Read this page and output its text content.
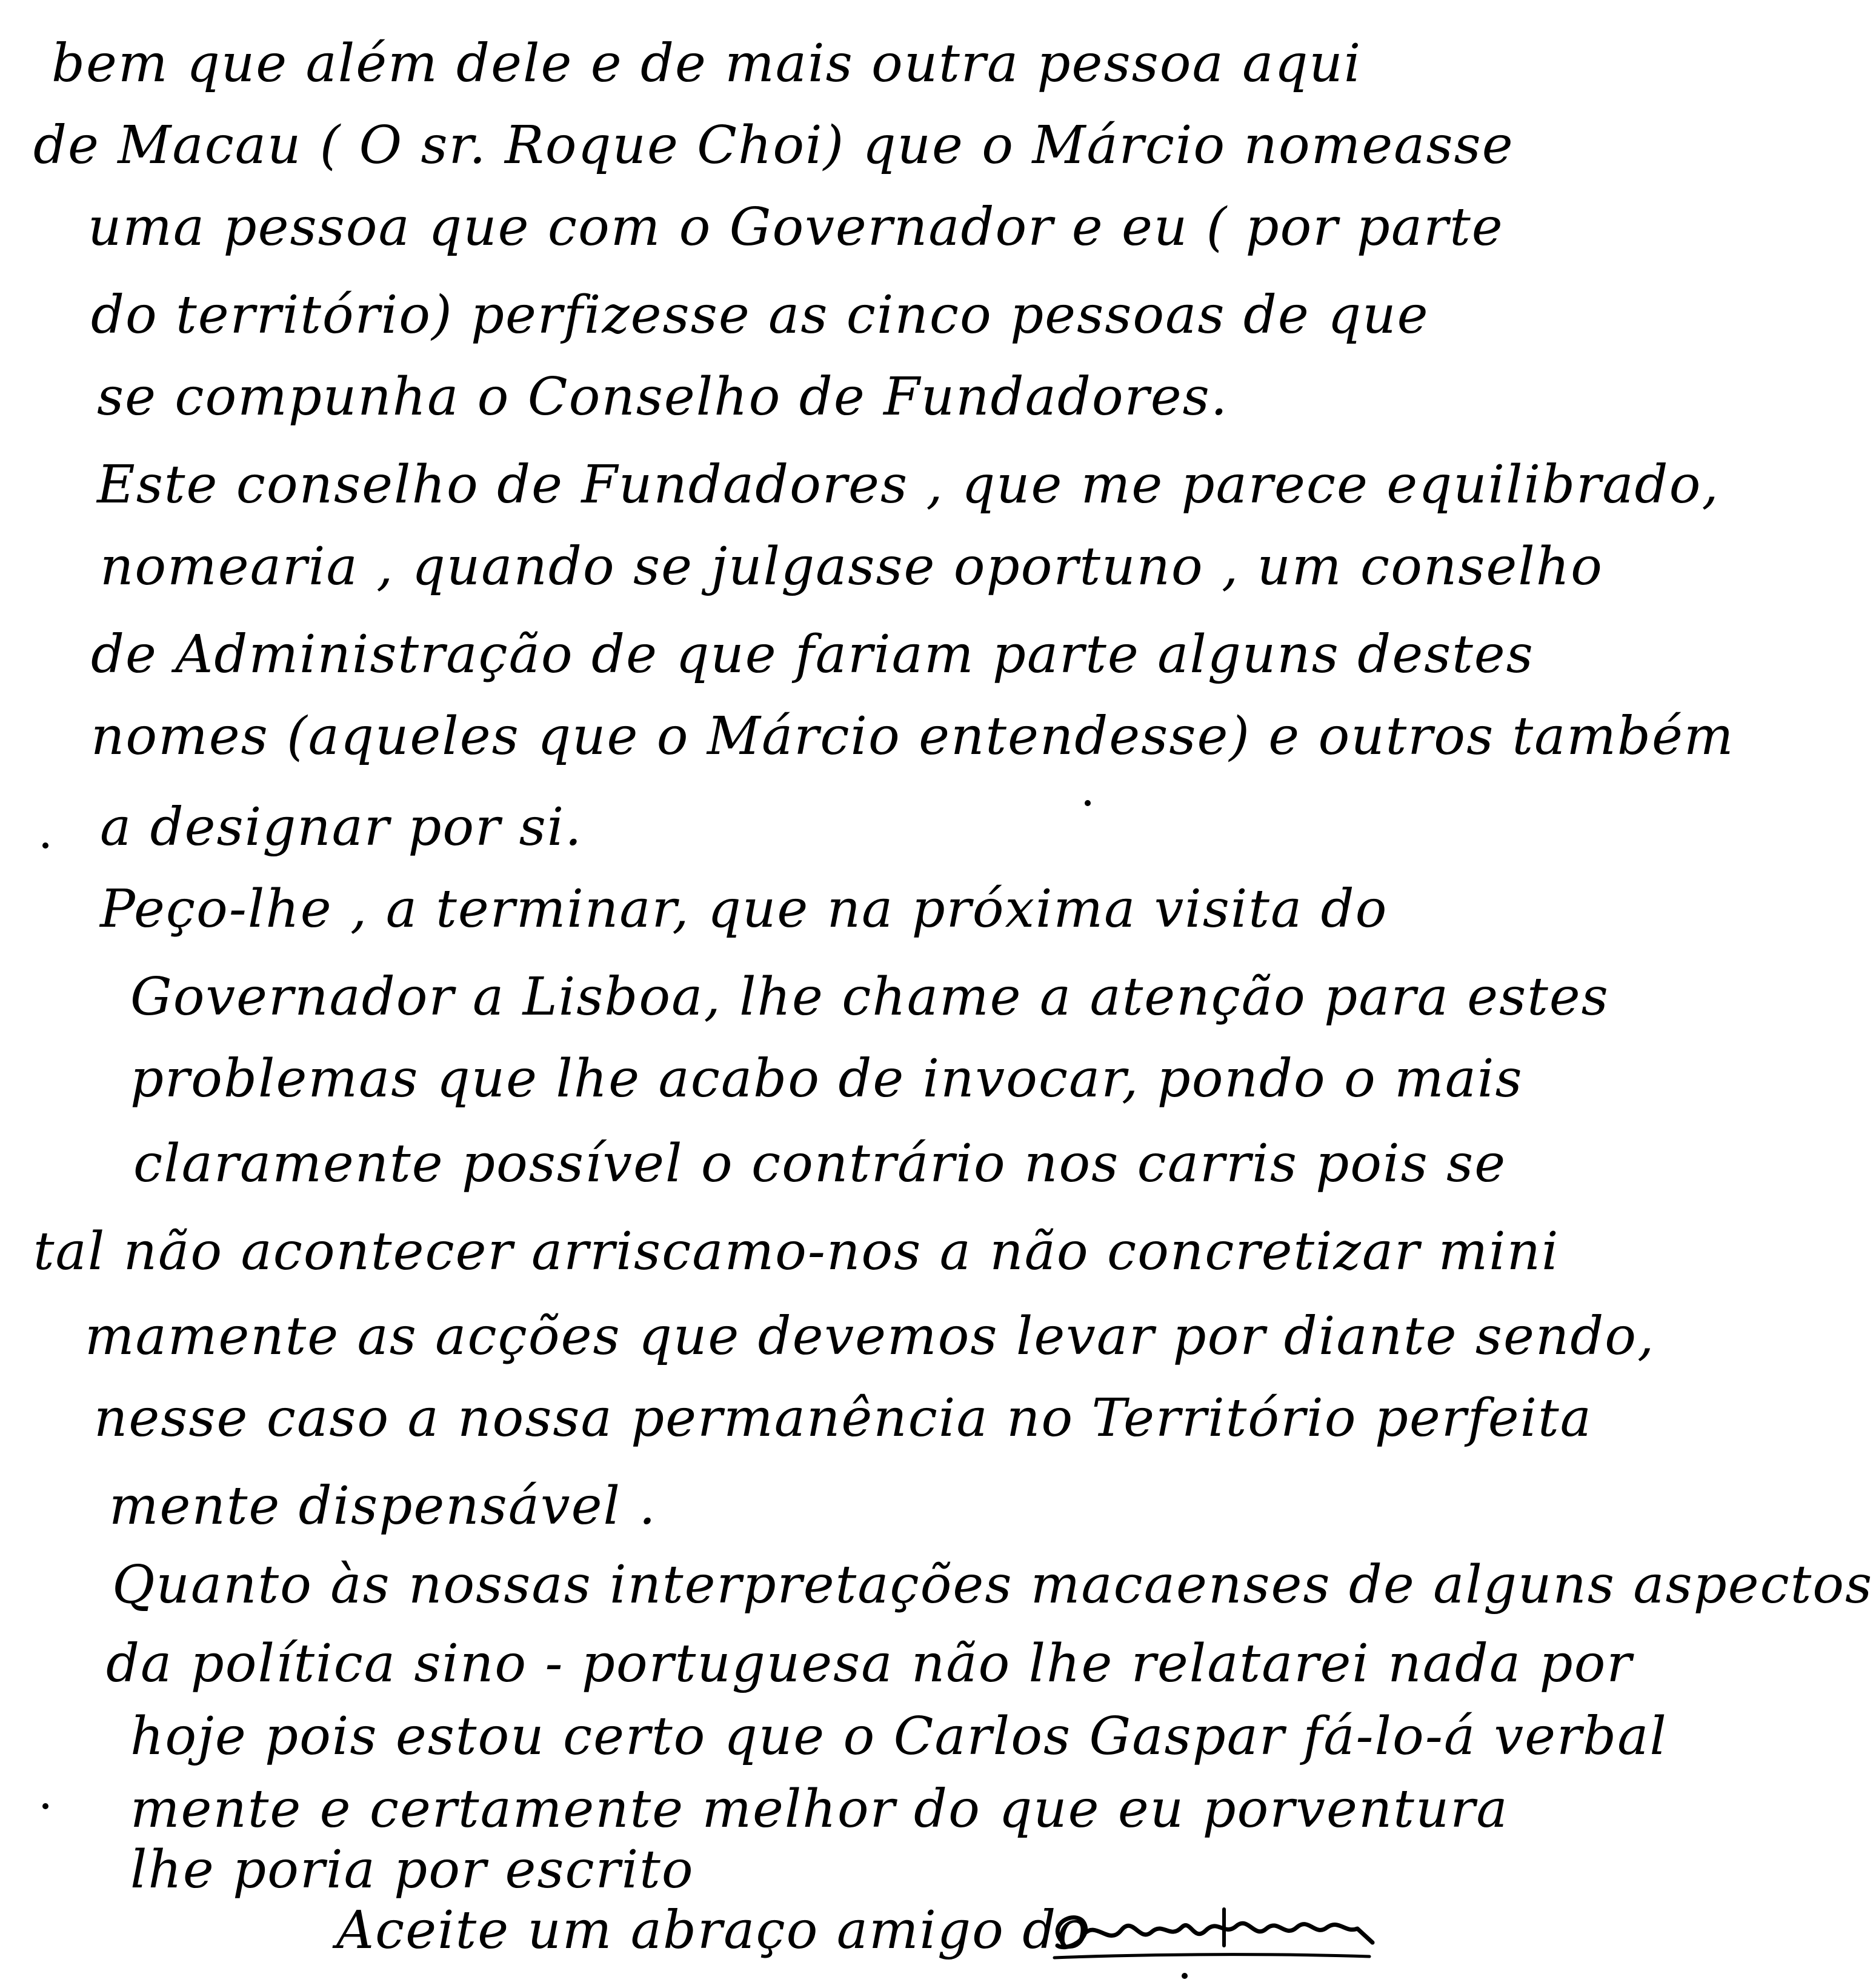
bem que além dele e de mais outra pessoa aqui
de Macau ( O sr. Roque Choi) que o Márcio nomeasse
uma pessoa que com o Governador e eu ( por parte
do território) perfizesse as cinco pessoas de que
se compunha o Conselho de Fundadores.
Este conselho de Fundadores , que me parece equilibrado,
nomearia , quando se julgasse oportuno , um conselho
de Administração de que fariam parte alguns destes
nomes (aqueles que o Márcio entendesse) e outros também
a designar por si.
Peço-lhe , a terminar, que na próxima visita do
Governador a Lisboa, lhe chame a atenção para estes
problemas que lhe acabo de invocar, pondo o mais
claramente possível o contrário nos carris pois se
tal não acontecer arriscamo-nos a não concretizar mini
mamente as acções que devemos levar por diante sendo,
nesse caso a nossa permanência no Território perfeita
mente dispensável .
Quanto às nossas interpretações macaenses de alguns aspectos
da política sino - portuguesa não lhe relatarei nada por
hoje pois estou certo que o Carlos Gaspar fá-lo-á verbal
mente e certamente melhor do que eu porventura
lhe poria por escrito
Aceite um abraço amigo do
